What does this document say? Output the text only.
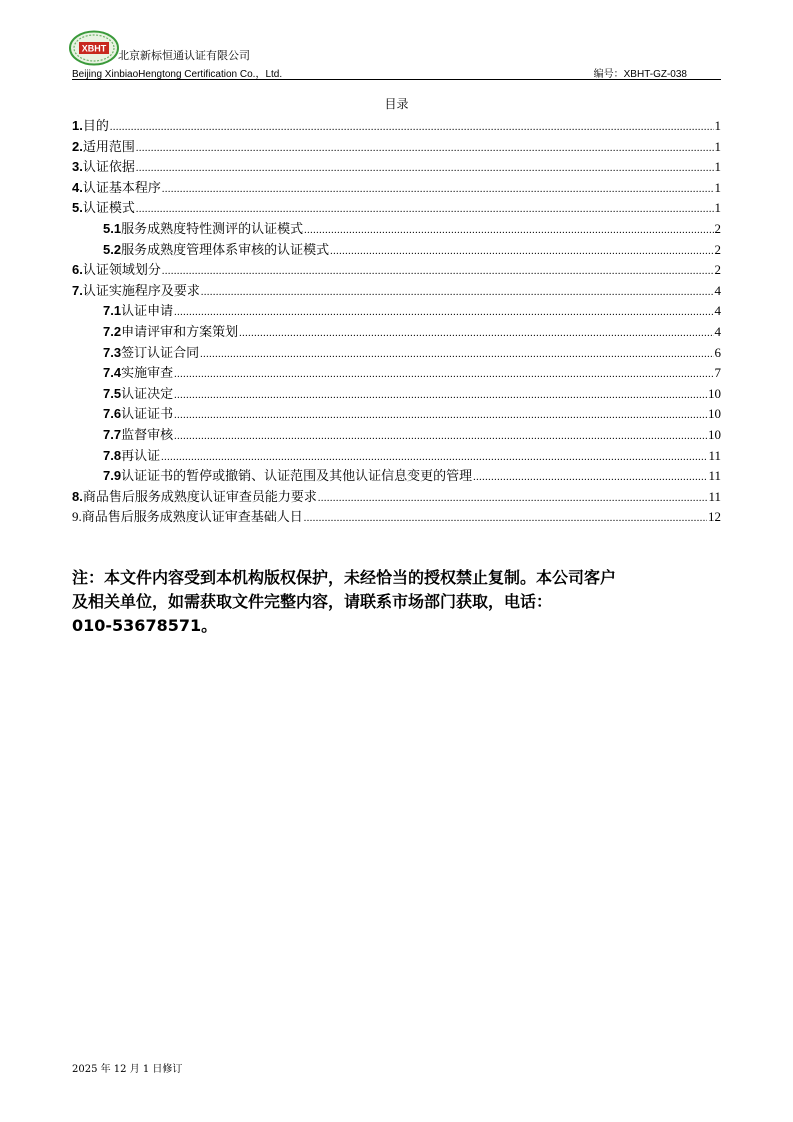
XBHT
北京新标恒通认证有限公司
Beijing XinbiaoHengtong Certification Co.，Ltd.	编号：XBHT-GZ-038
目录
1. 目的 .....	1
2. 适用范围 .....	1
3. 认证依据 .....	1
4. 认证基本程序 .....	1
5. 认证模式 .....	1
5.1 服务成熟度特性测评的认证模式 .....	2
5.2 服务成熟度管理体系审核的认证模式 .....	2
6. 认证领域划分 .....	2
7. 认证实施程序及要求 .....	4
7.1 认证申请 .....	4
7.2 申请评审和方案策划 .....	4
7.3 签订认证合同 .....	6
7.4 实施审查 .....	7
7.5 认证决定 .....	10
7.6 认证证书 .....	10
7.7 监督审核 .....	10
7.8 再认证 .....	11
7.9 认证证书的暂停或撤销、认证范围及其他认证信息变更的管理 .....	11
8. 商品售后服务成熟度认证审查员能力要求 .....	11
9. 商品售后服务成熟度认证审查基础人日 .....	12
注：本文件内容受到本机构版权保护，未经恰当的授权禁止复制。本公司客户
及相关单位，如需获取文件完整内容，请联系市场部门获取，电话：
010-53678571。
2025 年 12 月 1 日修订
